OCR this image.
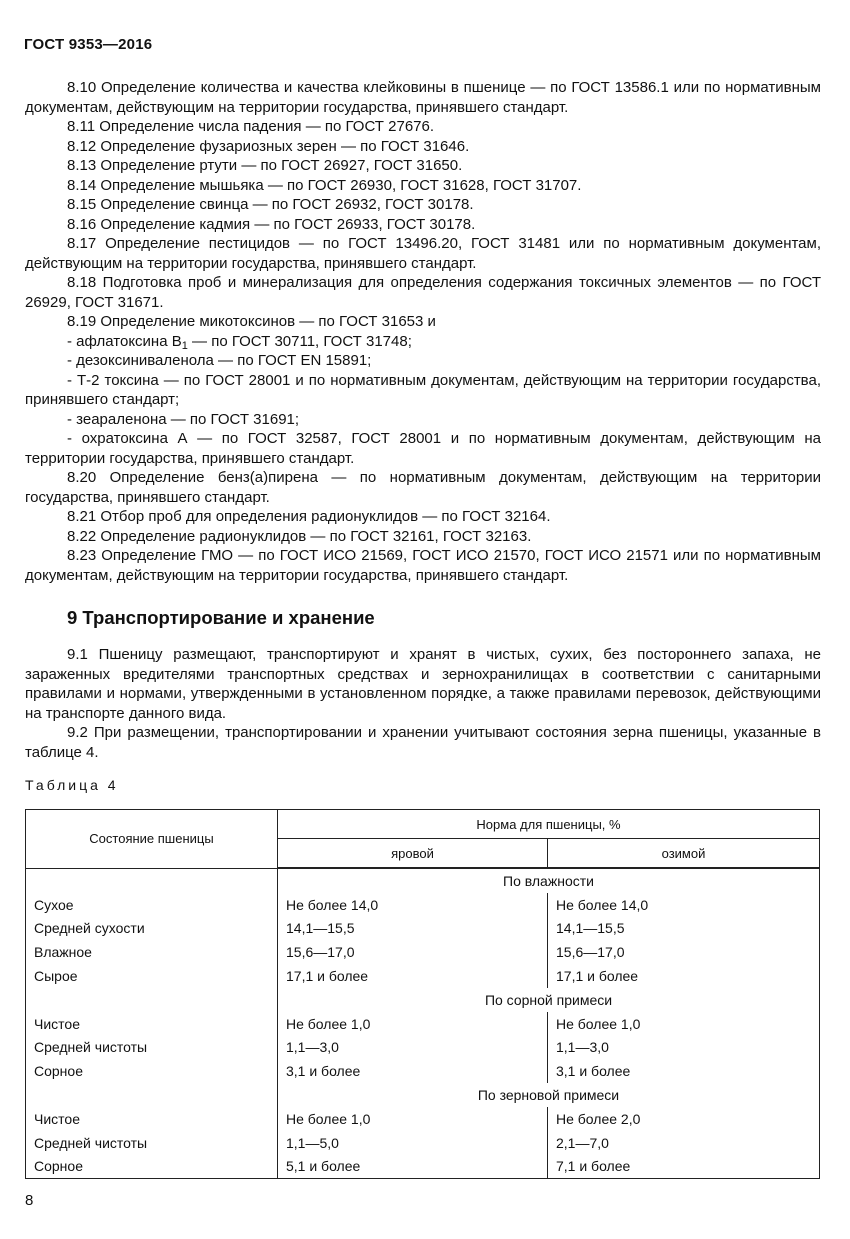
ГОСТ 9353—2016

8.10 Определение количества и качества клейковины в пшенице — по ГОСТ 13586.1 или по нормативным документам, действующим на территории государства, принявшего стандарт.

8.11 Определение числа падения — по ГОСТ 27676.

8.12 Определение фузариозных зерен — по ГОСТ 31646.

8.13 Определение ртути — по ГОСТ 26927, ГОСТ 31650.

8.14 Определение мышьяка — по ГОСТ 26930, ГОСТ 31628, ГОСТ 31707.

8.15 Определение свинца — по ГОСТ 26932, ГОСТ 30178.

8.16 Определение кадмия — по ГОСТ 26933, ГОСТ 30178.

8.17 Определение пестицидов — по ГОСТ 13496.20, ГОСТ 31481 или по нормативным документам, действующим на территории государства, принявшего стандарт.

8.18 Подготовка проб и минерализация для определения содержания токсичных элементов — по ГОСТ 26929, ГОСТ 31671.

8.19 Определение микотоксинов — по ГОСТ 31653 и

- афлатоксина $В_1$ — по ГОСТ 30711, ГОСТ 31748;

- дезоксиниваленола — по ГОСТ EN 15891;

- Т-2 токсина — по ГОСТ 28001 и по нормативным документам, действующим на территории государства, принявшего стандарт;

- зеараленона — по ГОСТ 31691;

- охратоксина А — по ГОСТ 32587, ГОСТ 28001 и по нормативным документам, действующим на территории государства, принявшего стандарт.

8.20 Определение бенз(а)пирена — по нормативным документам, действующим на территории государства, принявшего стандарт.

8.21 Отбор проб для определения радионуклидов — по ГОСТ 32164.

8.22 Определение радионуклидов — по ГОСТ 32161, ГОСТ 32163.

8.23 Определение ГМО — по ГОСТ ИСО 21569, ГОСТ ИСО 21570, ГОСТ ИСО 21571 или по нормативным документам, действующим на территории государства, принявшего стандарт.

9 Транспортирование и хранение

9.1 Пшеницу размещают, транспортируют и хранят в чистых, сухих, без постороннего запаха, не зараженных вредителями транспортных средствах и зернохранилищах в соответствии с санитарными правилами и нормами, утвержденными в установленном порядке, а также правилами перевозок, действующими на транспорте данного вида.

9.2 При размещении, транспортировании и хранении учитывают состояния зерна пшеницы, указанные в таблице 4.

Таблица 4
Состояние пшеницы	Норма для пшеницы, %	
	яровой	озимой
	По влажности	
Сухое	Не более 14,0	Не более 14,0
Средней сухости	14,1—15,5	14,1—15,5
Влажное	15,6—17,0	15,6—17,0
Сырое	17,1 и более	17,1 и более
	По сорной примеси	
Чистое	Не более 1,0	Не более 1,0
Средней чистоты	1,1—3,0	1,1—3,0
Сорное	3,1 и более	3,1 и более
	По зерновой примеси	
Чистое	Не более 1,0	Не более 2,0
Средней чистоты	1,1—5,0	2,1—7,0
Сорное	5,1 и более	7,1 и более
8
